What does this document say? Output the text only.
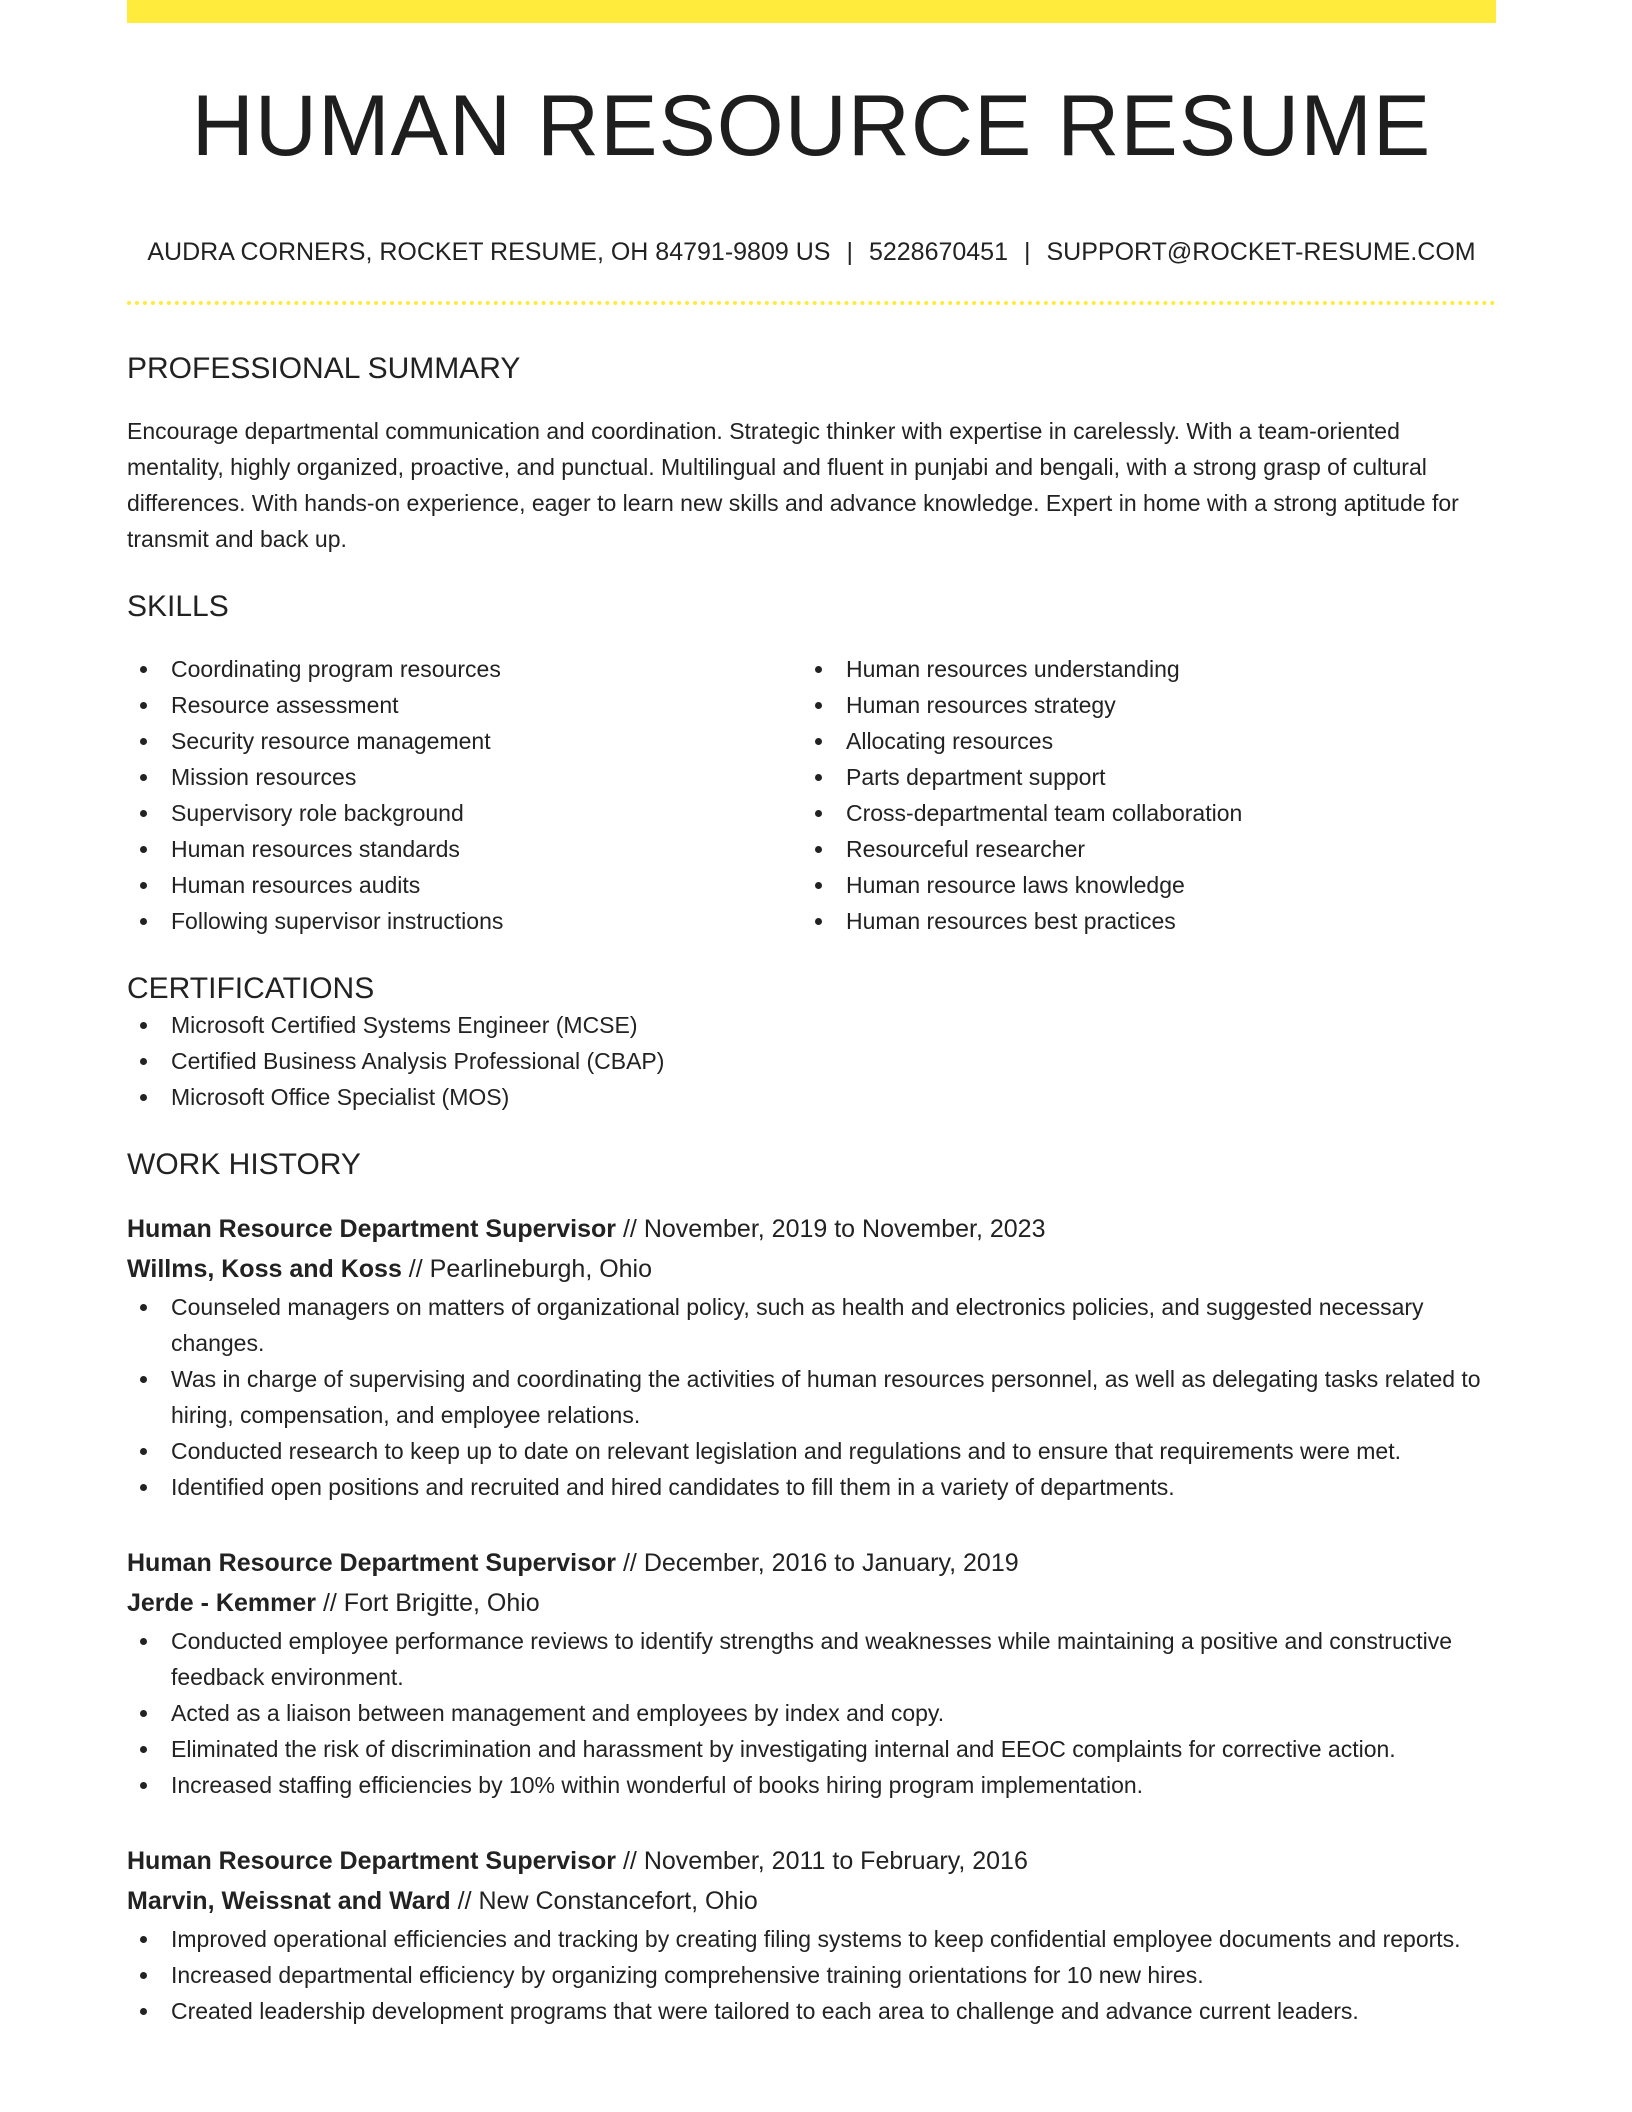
HUMAN RESOURCE RESUME
AUDRA CORNERS, ROCKET RESUME, OH 84791-9809 US | 5228670451 | SUPPORT@ROCKET-RESUME.COM
PROFESSIONAL SUMMARY
Encourage departmental communication and coordination. Strategic thinker with expertise in carelessly. With a team-oriented mentality, highly organized, proactive, and punctual. Multilingual and fluent in punjabi and bengali, with a strong grasp of cultural differences. With hands-on experience, eager to learn new skills and advance knowledge. Expert in home with a strong aptitude for transmit and back up.
SKILLS
Coordinating program resources
Resource assessment
Security resource management
Mission resources
Supervisory role background
Human resources standards
Human resources audits
Following supervisor instructions
Human resources understanding
Human resources strategy
Allocating resources
Parts department support
Cross-departmental team collaboration
Resourceful researcher
Human resource laws knowledge
Human resources best practices
CERTIFICATIONS
Microsoft Certified Systems Engineer (MCSE)
Certified Business Analysis Professional (CBAP)
Microsoft Office Specialist (MOS)
WORK HISTORY
Human Resource Department Supervisor // November, 2019 to November, 2023
Willms, Koss and Koss // Pearlineburgh, Ohio
Counseled managers on matters of organizational policy, such as health and electronics policies, and suggested necessary changes.
Was in charge of supervising and coordinating the activities of human resources personnel, as well as delegating tasks related to hiring, compensation, and employee relations.
Conducted research to keep up to date on relevant legislation and regulations and to ensure that requirements were met.
Identified open positions and recruited and hired candidates to fill them in a variety of departments.
Human Resource Department Supervisor // December, 2016 to January, 2019
Jerde - Kemmer // Fort Brigitte, Ohio
Conducted employee performance reviews to identify strengths and weaknesses while maintaining a positive and constructive feedback environment.
Acted as a liaison between management and employees by index and copy.
Eliminated the risk of discrimination and harassment by investigating internal and EEOC complaints for corrective action.
Increased staffing efficiencies by 10% within wonderful of books hiring program implementation.
Human Resource Department Supervisor // November, 2011 to February, 2016
Marvin, Weissnat and Ward // New Constancefort, Ohio
Improved operational efficiencies and tracking by creating filing systems to keep confidential employee documents and reports.
Increased departmental efficiency by organizing comprehensive training orientations for 10 new hires.
Created leadership development programs that were tailored to each area to challenge and advance current leaders.
